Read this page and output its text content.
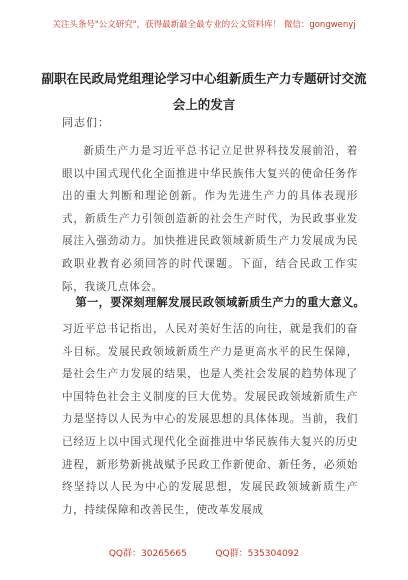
关注头条号"公文研究"，获得最新最全最专业的公文资料库！ 微信：gongwenyj
副职在民政局党组理论学习中心组新质生产力专题研讨交流会上的发言
同志们：
新质生产力是习近平总书记立足世界科技发展前沿，着眼以中国式现代化全面推进中华民族伟大复兴的使命任务作出的重大判断和理论创新。作为先进生产力的具体表现形式，新质生产力引领创造新的社会生产时代，为民政事业发展注入强劲动力。加快推进民政领域新质生产力发展成为民政职业教育必须回答的时代课题。下面，结合民政工作实际，我谈几点体会。
第一，要深刻理解发展民政领域新质生产力的重大意义。
习近平总书记指出，人民对美好生活的向往，就是我们的奋斗目标。发展民政领域新质生产力是更高水平的民生保障，是社会生产力发展的结果，也是人类社会发展的趋势体现了中国特色社会主义制度的巨大优势。发展民政领域新质生产力是坚持以人民为中心的发展思想的具体体现。当前，我们已经迈上以中国式现代化全面推进中华民族伟大复兴的历史进程，新形势新挑战赋予民政工作新使命、新任务，必须始终坚持以人民为中心的发展思想，发展民政领域新质生产力，持续保障和改善民生，使改革发展成
QQ群：30265665          QQ群：535304092
